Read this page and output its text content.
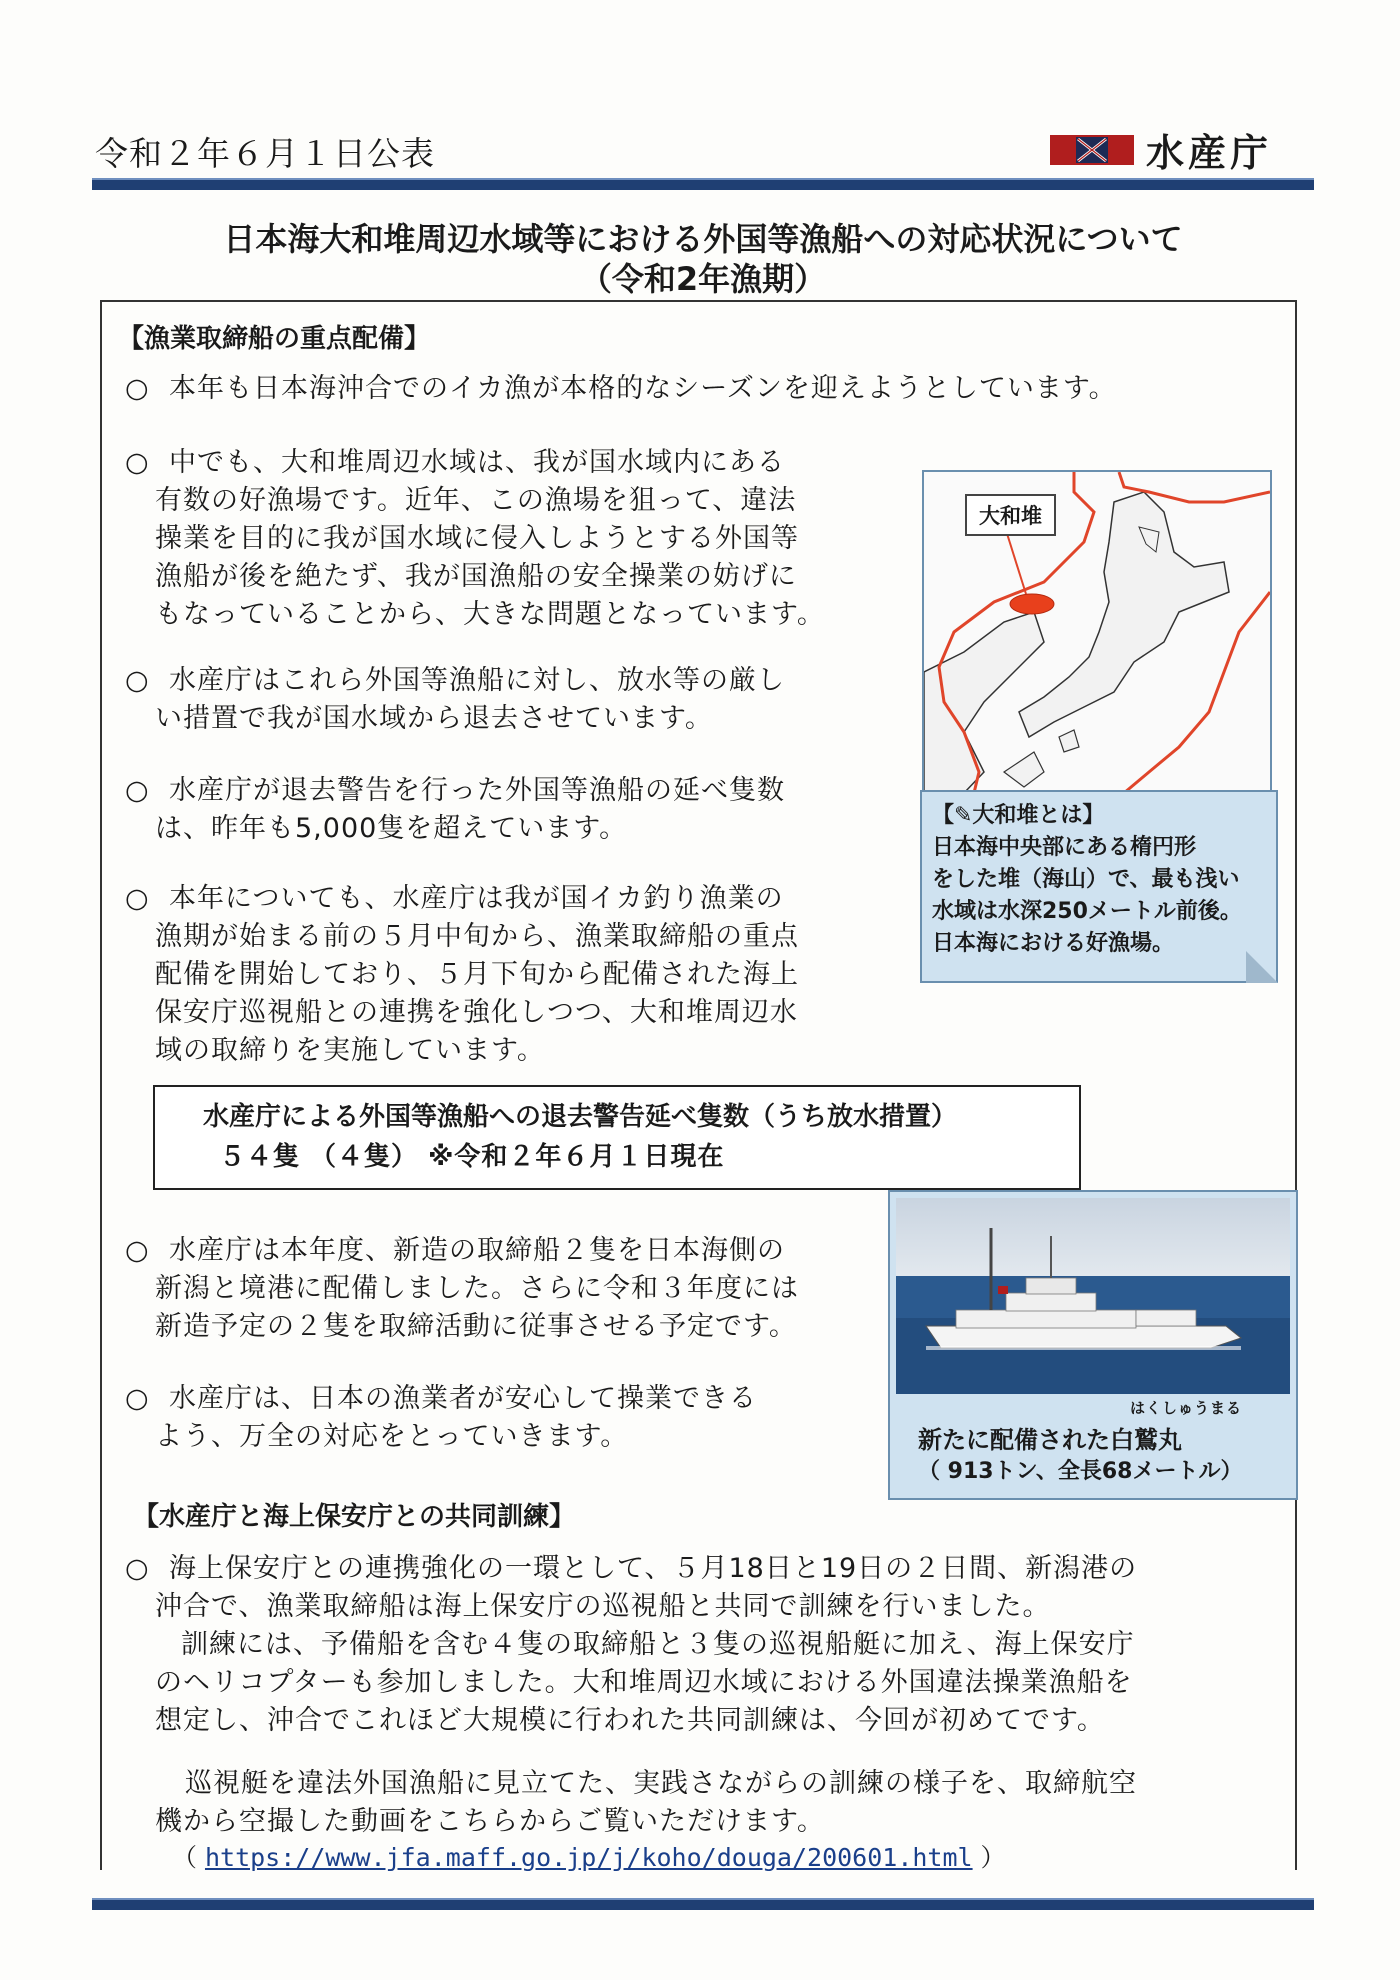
令和２年６月１日公表	水産庁
日本海大和堆周辺水域等における外国等漁船への対応状況について
（令和2年漁期）
【漁業取締船の重点配備】
○ 本年も日本海沖合でのイカ漁が本格的なシーズンを迎えようとしています。
○ 中でも、大和堆周辺水域は、我が国水域内にある
有数の好漁場です。近年、この漁場を狙って、違法
操業を目的に我が国水域に侵入しようとする外国等
漁船が後を絶たず、我が国漁船の安全操業の妨げに
もなっていることから、大きな問題となっています。
○ 水産庁はこれら外国等漁船に対し、放水等の厳し
い措置で我が国水域から退去させています。
○ 水産庁が退去警告を行った外国等漁船の延べ隻数
は、昨年も5,000隻を超えています。
○ 本年についても、水産庁は我が国イカ釣り漁業の
漁期が始まる前の５月中旬から、漁業取締船の重点
配備を開始しており、５月下旬から配備された海上
保安庁巡視船との連携を強化しつつ、大和堆周辺水
域の取締りを実施しています。
大和堆
【✎大和堆とは】
日本海中央部にある楕円形
をした堆（海山）で、最も浅い
水域は水深250メートル前後。
日本海における好漁場。
水産庁による外国等漁船への退去警告延べ隻数（うち放水措置）
５４隻 （４隻） ※令和２年６月１日現在
○ 水産庁は本年度、新造の取締船２隻を日本海側の
新潟と境港に配備しました。さらに令和３年度には
新造予定の２隻を取締活動に従事させる予定です。
○ 水産庁は、日本の漁業者が安心して操業できる
よう、万全の対応をとっていきます。
はくしゅうまる
新たに配備された白鷲丸
（ 913トン、全長68メートル）
【水産庁と海上保安庁との共同訓練】
○ 海上保安庁との連携強化の一環として、５月18日と19日の２日間、新潟港の
沖合で、漁業取締船は海上保安庁の巡視船と共同で訓練を行いました。
訓練には、予備船を含む４隻の取締船と３隻の巡視船艇に加え、海上保安庁
のヘリコプターも参加しました。大和堆周辺水域における外国違法操業漁船を
想定し、沖合でこれほど大規模に行われた共同訓練は、今回が初めてです。
巡視艇を違法外国漁船に見立てた、実践さながらの訓練の様子を、取締航空
機から空撮した動画をこちらからご覧いただけます。
（ https://www.jfa.maff.go.jp/j/koho/douga/200601.html ）
